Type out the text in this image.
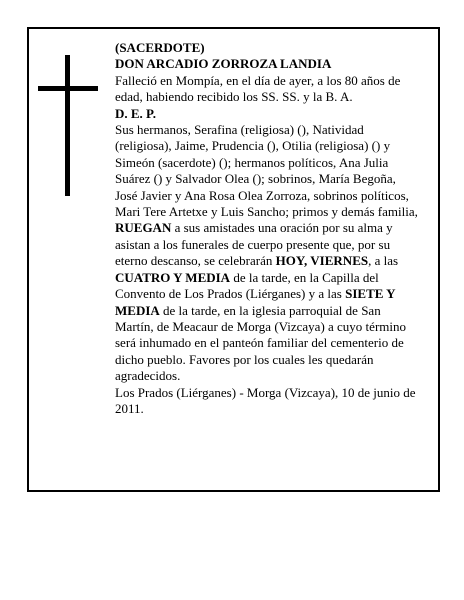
(SACERDOTE)

DON ARCADIO ZORROZA LANDIA

Falleció en Mompía, en el día de ayer, a los 80 años de edad, habiendo recibido los SS. SS. y la B. A.

D. E. P.

Sus hermanos, Serafina (religiosa) (), Natividad (religiosa), Jaime, Prudencia (), Otilia (religiosa) () y Simeón (sacerdote) (); hermanos políticos, Ana Julia Suárez () y Salvador Olea (); sobrinos, María Begoña, José Javier y Ana Rosa Olea Zorroza, sobrinos políticos, Mari Tere Artetxe y Luis Sancho; primos y demás familia,

RUEGAN a sus amistades una oración por su alma y asistan a los funerales de cuerpo presente que, por su eterno descanso, se celebrarán HOY, VIERNES, a las CUATRO Y MEDIA de la tarde, en la Capilla del Convento de Los Prados (Liérganes) y a las SIETE Y MEDIA de la tarde, en la iglesia parroquial de San Martín, de Meacaur de Morga (Vizcaya) a cuyo término será inhumado en el panteón familiar del cementerio de dicho pueblo. Favores por los cuales les quedarán agradecidos.

Los Prados (Liérganes) - Morga (Vizcaya), 10 de junio de 2011.
